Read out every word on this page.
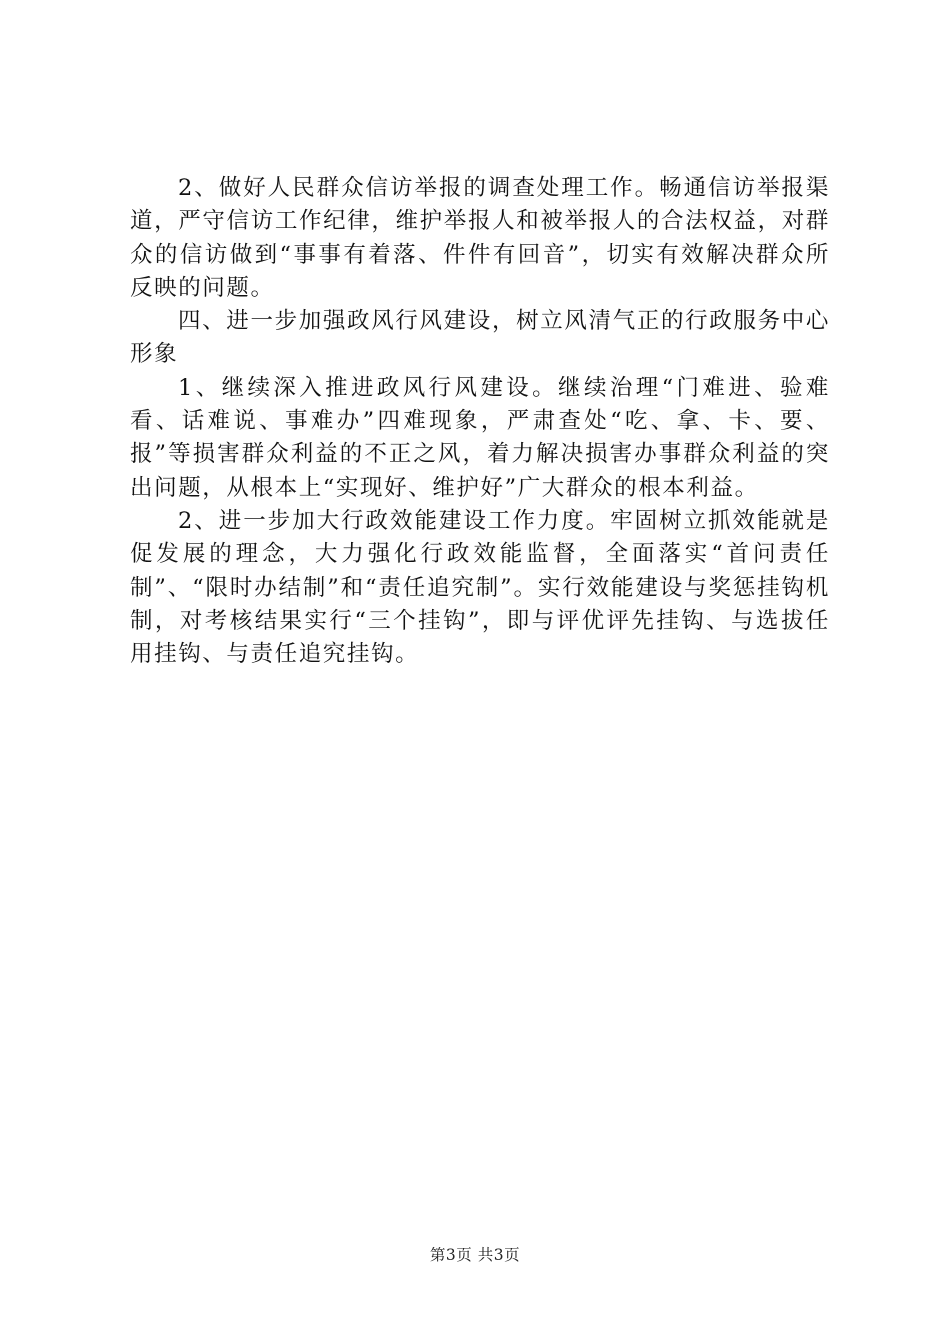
2、做好人民群众信访举报的调查处理工作。畅通信访举报渠道，严守信访工作纪律，维护举报人和被举报人的合法权益，对群众的信访做到“事事有着落、件件有回音”，切实有效解决群众所反映的问题。

四、进一步加强政风行风建设，树立风清气正的行政服务中心形象

1、继续深入推进政风行风建设。继续治理“门难进、验难看、话难说、事难办”四难现象，严肃查处“吃、拿、卡、要、报”等损害群众利益的不正之风，着力解决损害办事群众利益的突出问题，从根本上“实现好、维护好”广大群众的根本利益。

2、进一步加大行政效能建设工作力度。牢固树立抓效能就是促发展的理念，大力强化行政效能监督，全面落实“首问责任制”、“限时办结制”和“责任追究制”。实行效能建设与奖惩挂钩机制，对考核结果实行“三个挂钩”，即与评优评先挂钩、与选拔任用挂钩、与责任追究挂钩。

第3页 共3页
